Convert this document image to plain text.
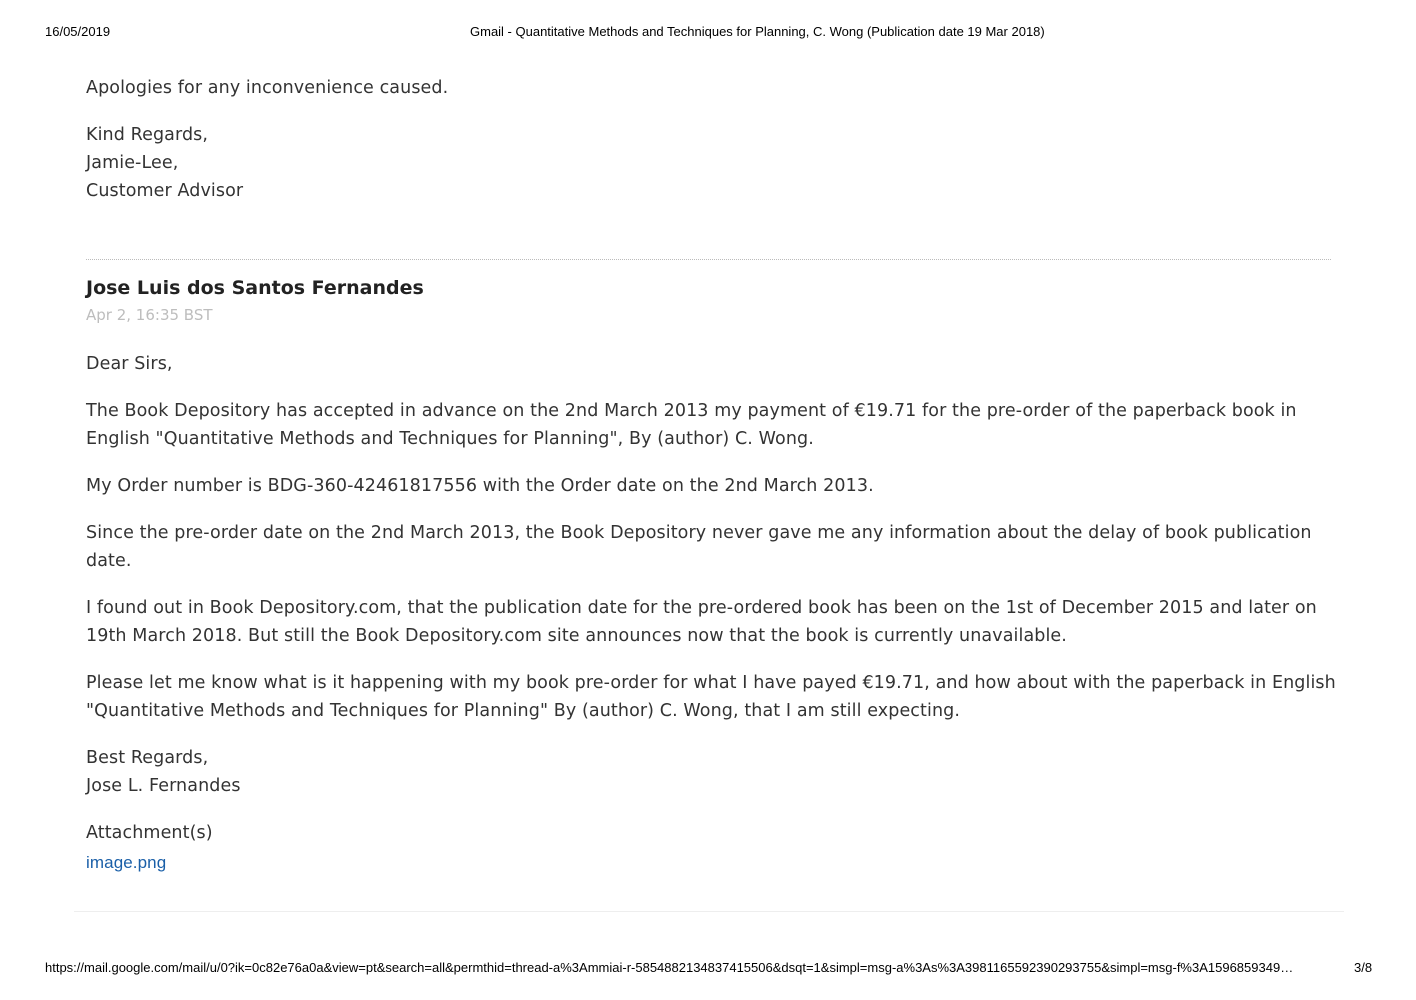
16/05/2019	Gmail - Quantitative Methods and Techniques for Planning, C. Wong (Publication date 19 Mar 2018)

Apologies for any inconvenience caused.

Kind Regards,
Jamie-Lee,
Customer Advisor

Jose Luis dos Santos Fernandes
Apr 2, 16:35 BST

Dear Sirs,

The Book Depository has accepted in advance on the 2nd March 2013 my payment of €19.71 for the pre-order of the paperback book in English "Quantitative Methods and Techniques for Planning", By (author) C. Wong.

My Order number is BDG-360-42461817556 with the Order date on the 2nd March 2013.

Since the pre-order date on the 2nd March 2013, the Book Depository never gave me any information about the delay of book publication date.

I found out in Book Depository.com, that the publication date for the pre-ordered book has been on the 1st of December 2015 and later on 19th March 2018. But still the Book Depository.com site announces now that the book is currently unavailable.

Please let me know what is it happening with my book pre-order for what I have payed €19.71, and how about with the paperback in English "Quantitative Methods and Techniques for Planning" By (author) C. Wong, that I am still expecting.

Best Regards,
Jose L. Fernandes

Attachment(s)
image.png
https://mail.google.com/mail/u/0?ik=0c82e76a0a&view=pt&search=all&permthid=thread-a%3Ammiai-r-5854882134837415506&dsqt=1&simpl=msg-a%3As%3A3981165592390293755&simpl=msg-f%3A1596859349…	3/8
